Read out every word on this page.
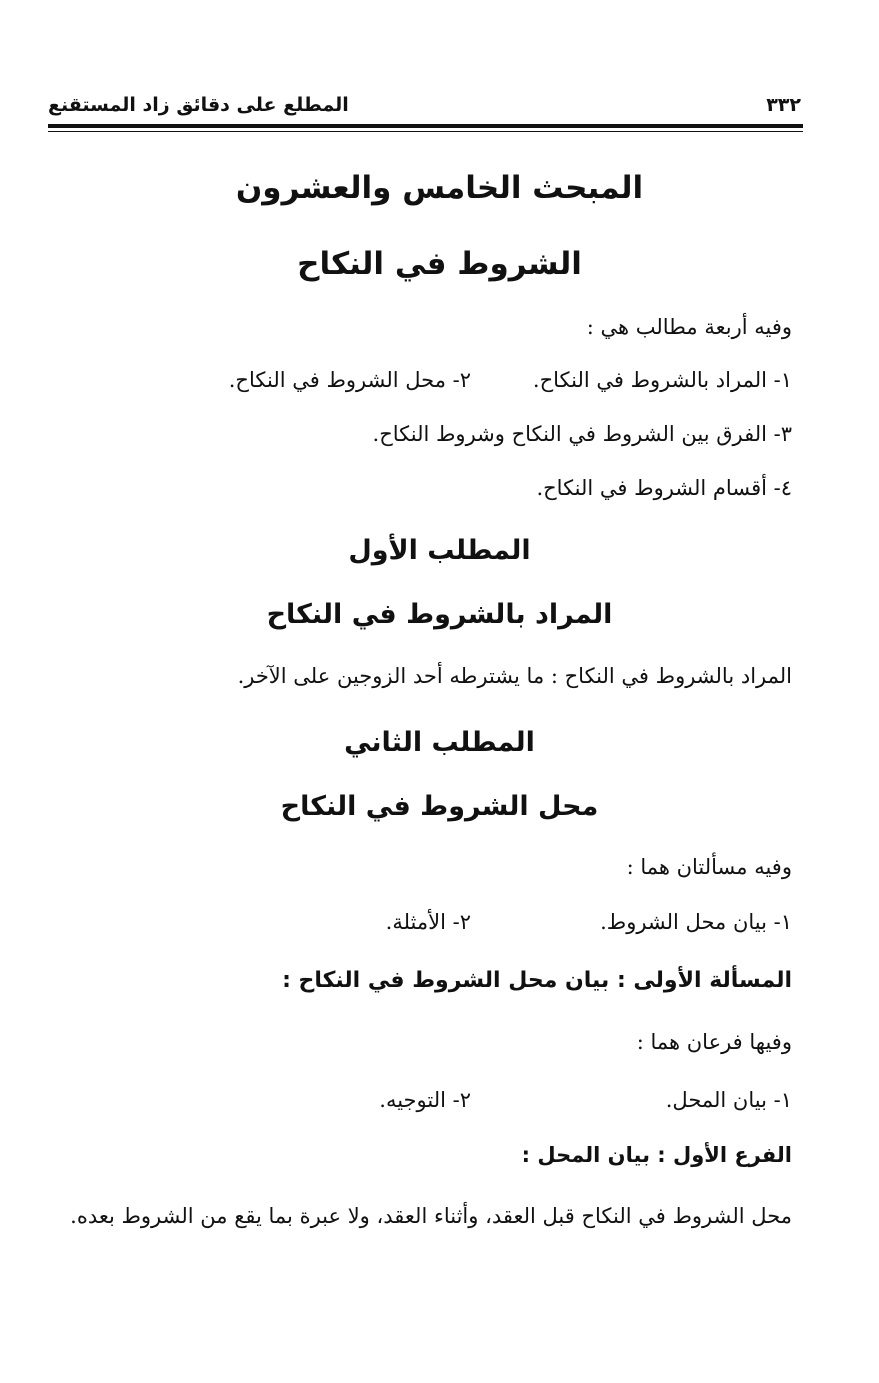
٣٣٢
المطلع على دقائق زاد المستقنع
المبحث الخامس والعشرون
الشروط في النكاح
وفيه أربعة مطالب هي :
١- المراد بالشروط في النكاح.
٢- محل الشروط في النكاح.
٣- الفرق بين الشروط في النكاح وشروط النكاح.
٤- أقسام الشروط في النكاح.
المطلب الأول
المراد بالشروط في النكاح
المراد بالشروط في النكاح : ما يشترطه أحد الزوجين على الآخر.
المطلب الثاني
محل الشروط في النكاح
وفيه مسألتان هما :
١- بيان محل الشروط.
٢- الأمثلة.
المسألة الأولى : بيان محل الشروط في النكاح :
وفيها فرعان هما :
١- بيان المحل.
٢- التوجيه.
الفرع الأول : بيان المحل :
محل الشروط في النكاح قبل العقد، وأثناء العقد، ولا عبرة بما يقع من الشروط بعده.
